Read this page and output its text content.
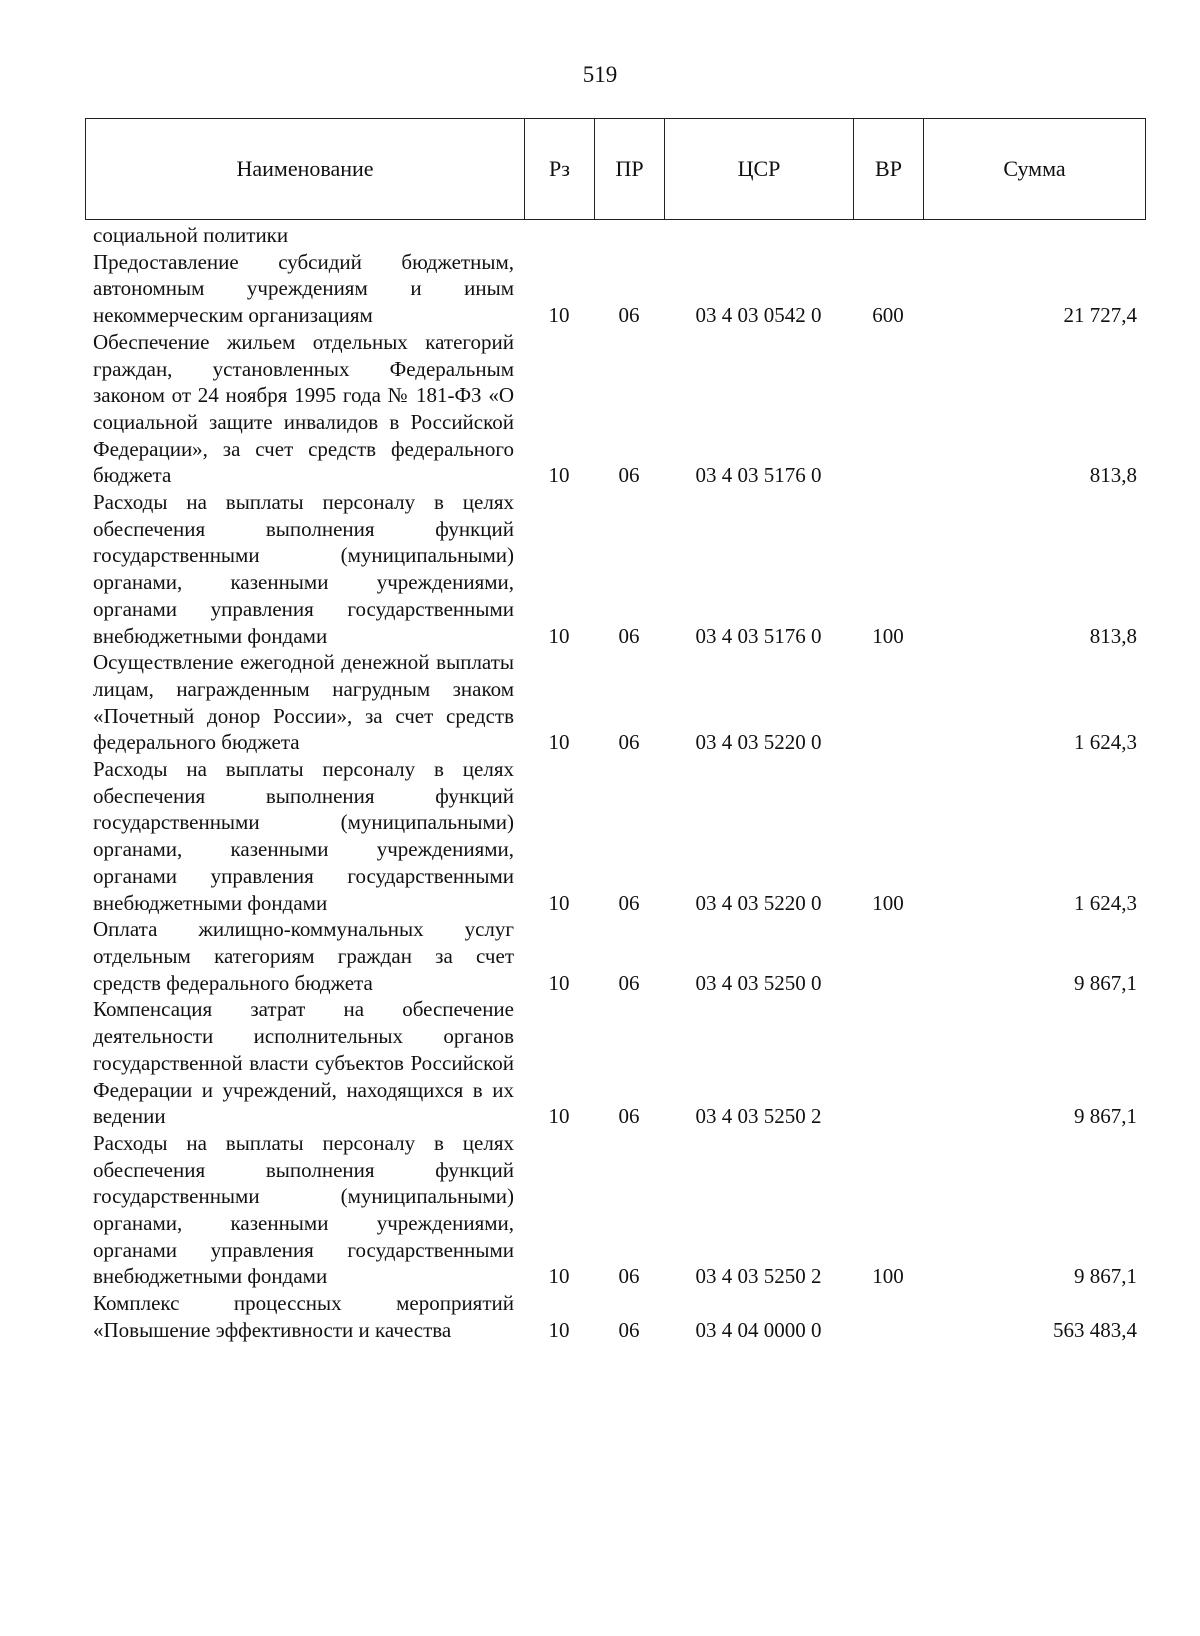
519
Наименование	Рз	ПР	ЦСР	ВР	Сумма
социальной политики					
Предоставление субсидий бюджетным, автономным учреждениям и иным некоммерческим организациям	10	06	03 4 03 0542 0	600	21 727,4
Обеспечение жильем отдельных категорий граждан, установленных Федеральным законом от 24 ноября 1995 года № 181-ФЗ «О социальной защите инвалидов в Российской Федерации», за счет средств федерального бюджета	10	06	03 4 03 5176 0		813,8
Расходы на выплаты персоналу в целях обеспечения выполнения функций государственными (муниципальными) органами, казенными учреждениями, органами управления государственными внебюджетными фондами	10	06	03 4 03 5176 0	100	813,8
Осуществление ежегодной денежной выплаты лицам, награжденным нагрудным знаком «Почетный донор России», за счет средств федерального бюджета	10	06	03 4 03 5220 0		1 624,3
Расходы на выплаты персоналу в целях обеспечения выполнения функций государственными (муниципальными) органами, казенными учреждениями, органами управления государственными внебюджетными фондами	10	06	03 4 03 5220 0	100	1 624,3
Оплата жилищно-коммунальных услуг отдельным категориям граждан за счет средств федерального бюджета	10	06	03 4 03 5250 0		9 867,1
Компенсация затрат на обеспечение деятельности исполнительных органов государственной власти субъектов Российской Федерации и учреждений, находящихся в их ведении	10	06	03 4 03 5250 2		9 867,1
Расходы на выплаты персоналу в целях обеспечения выполнения функций государственными (муниципальными) органами, казенными учреждениями, органами управления государственными внебюджетными фондами	10	06	03 4 03 5250 2	100	9 867,1
Комплекс процессных мероприятий «Повышение эффективности и качества	10	06	03 4 04 0000 0		563 483,4
